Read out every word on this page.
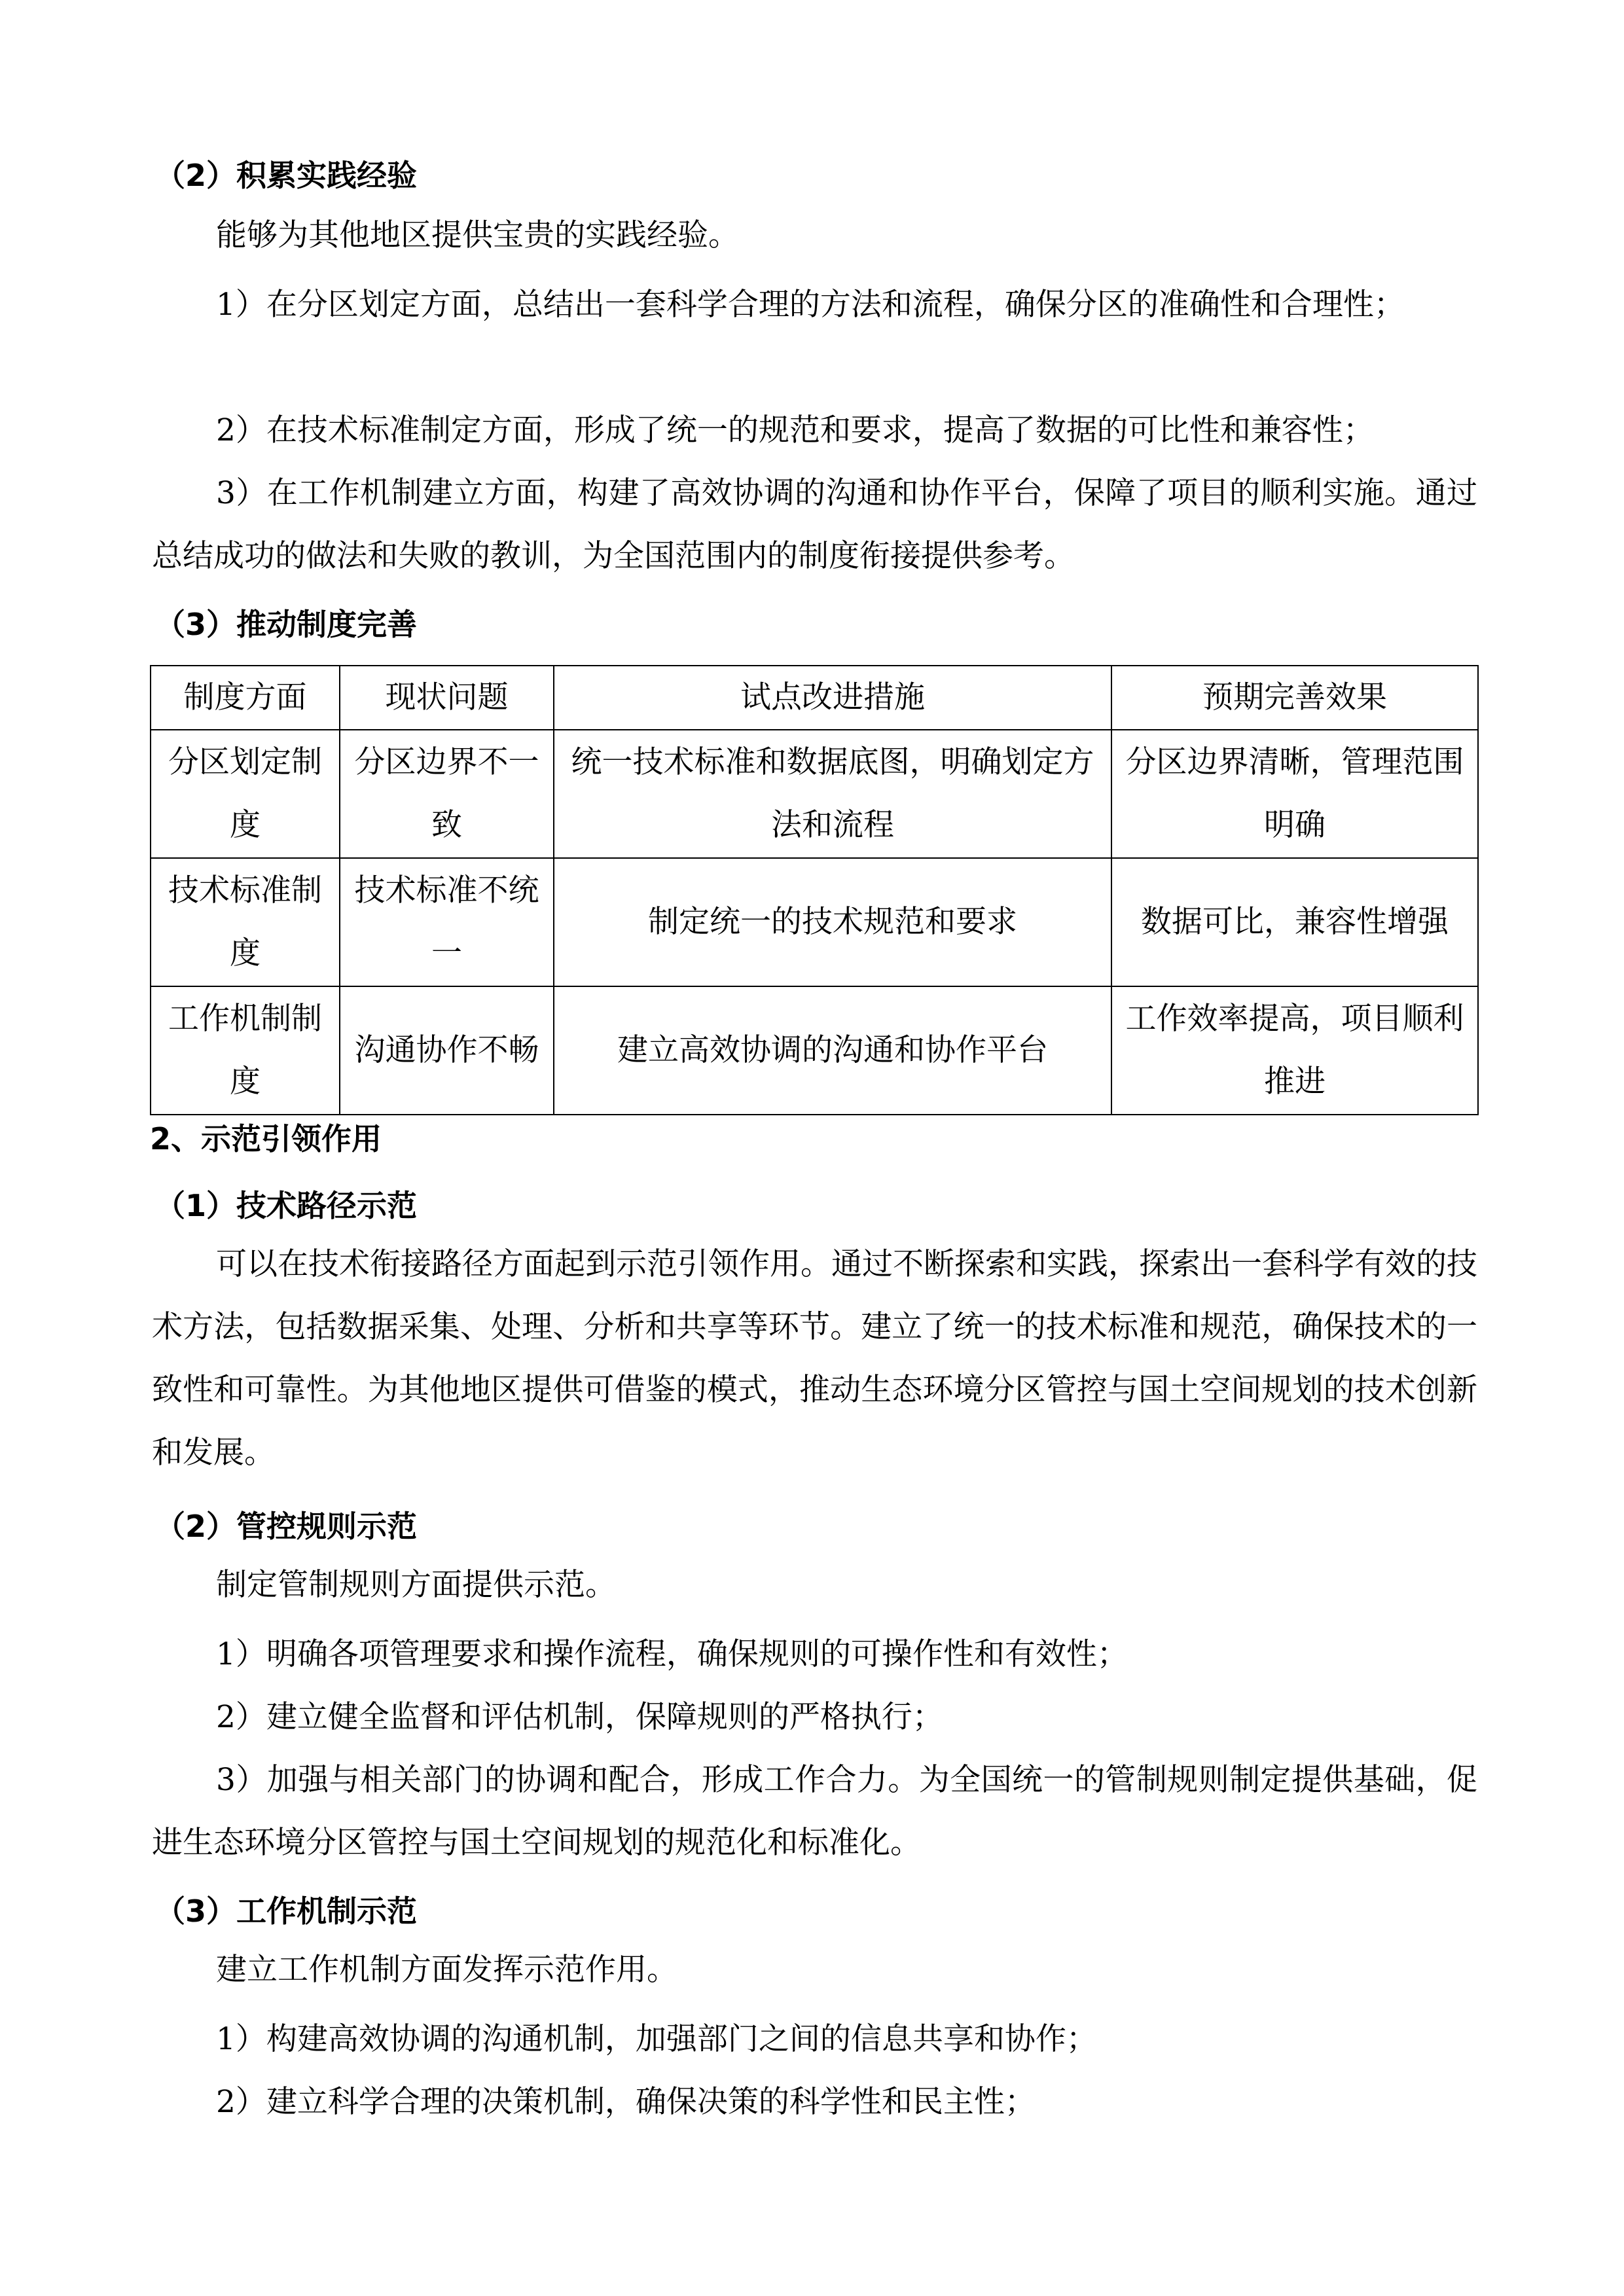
（2）积累实践经验
能够为其他地区提供宝贵的实践经验。
1）在分区划定方面，总结出一套科学合理的方法和流程，确保分区的准确性和合理性；
2）在技术标准制定方面，形成了统一的规范和要求，提高了数据的可比性和兼容性；
3）在工作机制建立方面，构建了高效协调的沟通和协作平台，保障了项目的顺利实施。通过总结成功的做法和失败的教训，为全国范围内的制度衔接提供参考。
（3）推动制度完善
制度方面	现状问题	试点改进措施	预期完善效果
分区划定制度	分区边界不一致	统一技术标准和数据底图，明确划定方法和流程	分区边界清晰，管理范围明确
技术标准制度	技术标准不统一	制定统一的技术规范和要求	数据可比，兼容性增强
工作机制制度	沟通协作不畅	建立高效协调的沟通和协作平台	工作效率提高，项目顺利推进
2、示范引领作用
（1）技术路径示范
可以在技术衔接路径方面起到示范引领作用。通过不断探索和实践，探索出一套科学有效的技术方法，包括数据采集、处理、分析和共享等环节。建立了统一的技术标准和规范，确保技术的一致性和可靠性。为其他地区提供可借鉴的模式，推动生态环境分区管控与国土空间规划的技术创新和发展。
（2）管控规则示范
制定管制规则方面提供示范。
1）明确各项管理要求和操作流程，确保规则的可操作性和有效性；
2）建立健全监督和评估机制，保障规则的严格执行；
3）加强与相关部门的协调和配合，形成工作合力。为全国统一的管制规则制定提供基础，促进生态环境分区管控与国土空间规划的规范化和标准化。
（3）工作机制示范
建立工作机制方面发挥示范作用。
1）构建高效协调的沟通机制，加强部门之间的信息共享和协作；
2）建立科学合理的决策机制，确保决策的科学性和民主性；
